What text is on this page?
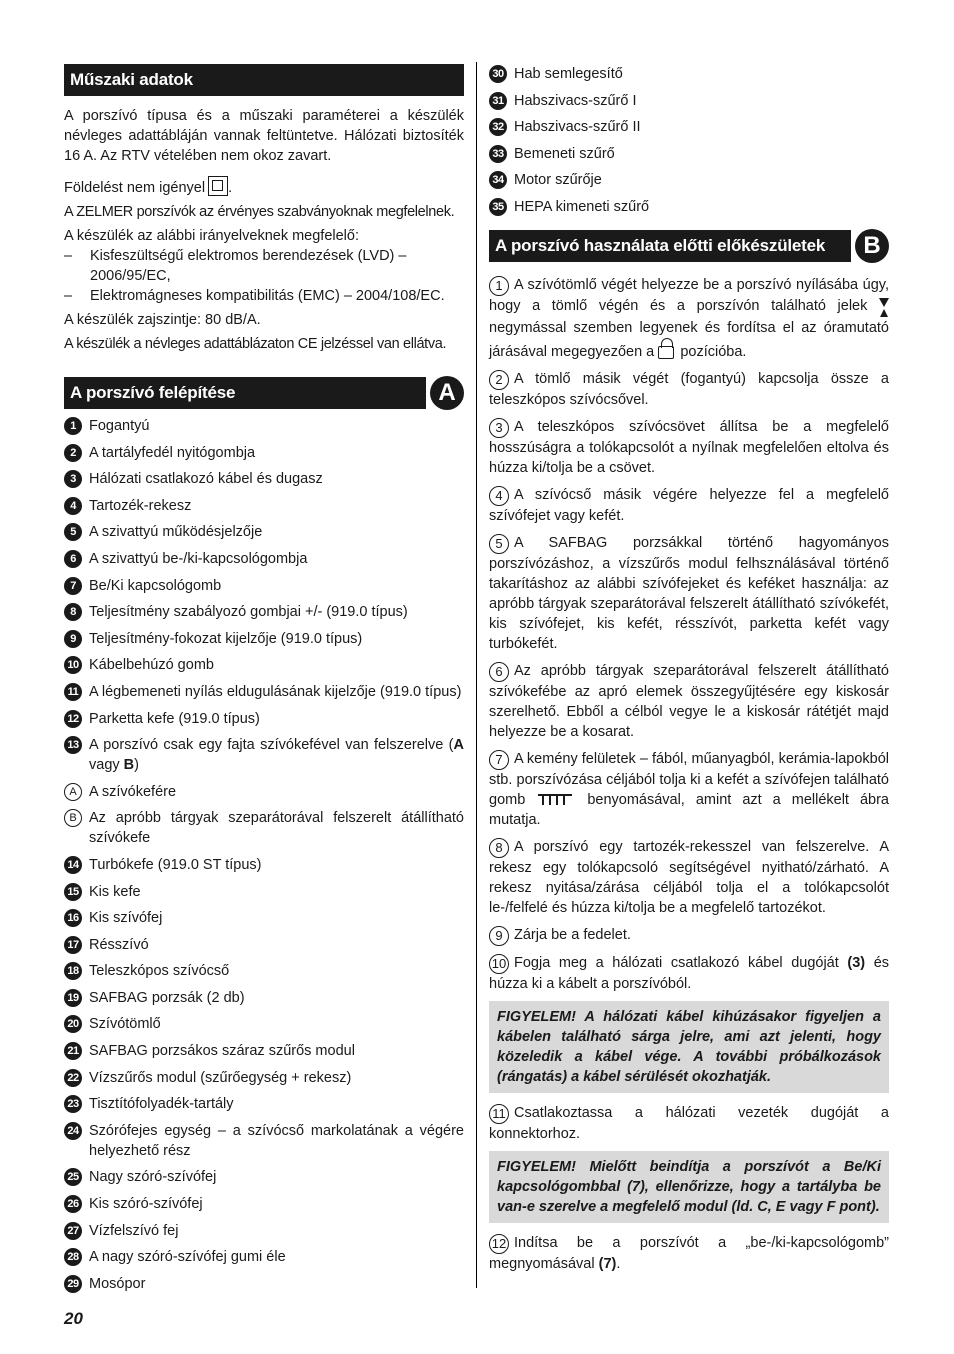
Műszaki adatok

A porszívó típusa és a műszaki paraméterei a készülék névleges adattábláján vannak feltüntetve. Hálózati biztosíték 16 A. Az RTV vételében nem okoz zavart.

Földelést nem igényel .

A ZELMER porszívók az érvényes szabványoknak megfelelnek.

A készülék az alábbi irányelveknek megfelelő:

–	Kisfeszültségű elektromos berendezések (LVD) – 2006/95/EC,
–	Elektromágneses kompatibilitás (EMC) – 2004/108/EC.

A készülék zajszintje: 80 dB/A.

A készülék a névleges adattáblázaton CE jelzéssel van ellátva.

A porszívó felépítése	A
1 Fogantyú
2 A tartályfedél nyitógombja
3 Hálózati csatlakozó kábel és dugasz
4 Tartozék-rekesz
5 A szivattyú működésjelzője
6 A szivattyú be-/ki-kapcsológombja
7 Be/Ki kapcsológomb
8 Teljesítmény szabályozó gombjai +/- (919.0 típus)
9 Teljesítmény-fokozat kijelzője (919.0 típus)
10 Kábelbehúzó gomb
11 A légbemeneti nyílás eldugulásának kijelzője (919.0 típus)
12 Parketta kefe (919.0 típus)
13 A porszívó csak egy fajta szívókefével van felszerelve (A vagy B)
A A szívókefére
B Az apróbb tárgyak szeparátorával felszerelt átállítható szívókefe
14 Turbókefe (919.0 ST típus)
15 Kis kefe
16 Kis szívófej
17 Résszívó
18 Teleszkópos szívócső
19 SAFBAG porzsák (2 db)
20 Szívótömlő
21 SAFBAG porzsákos száraz szűrős modul
22 Vízszűrős modul (szűrőegység + rekesz)
23 Tisztítófolyadék-tartály
24 Szórófejes egység – a szívócső markolatának a végére helyezhető rész
25 Nagy szóró-szívófej
26 Kis szóró-szívófej
27 Vízfelszívó fej
28 A nagy szóró-szívófej gumi éle
29 Mosópor
30 Hab semlegesítő
31 Habszivacs-szűrő I
32 Habszivacs-szűrő II
33 Bemeneti szűrő
34 Motor szűrője
35 HEPA kimeneti szűrő
A porszívó használata előtti előkészületek	B

1 A szívótömlő végét helyezze be a porszívó nyílásába úgy, hogy a tömlő végén és a porszívón található jelek  negymással szemben legyenek és fordítsa el az óramutató járásával megegyezően a pozícióba.

2 A tömlő másik végét (fogantyú) kapcsolja össze a teleszkópos szívócsővel.

3 A teleszkópos szívócsövet állítsa be a megfelelő hosszúságra a tolókapcsolót a nyílnak megfelelően eltolva és húzza ki/tolja be a csövet.

4 A szívócső másik végére helyezze fel a megfelelő szívófejet vagy kefét.

5 A SAFBAG porzsákkal történő hagyományos porszívózáshoz, a vízszűrős modul felhsználásával történő takarításhoz az alábbi szívófejeket és keféket használja: az apróbb tárgyak szeparátorával felszerelt átállítható szívókefét, kis szívófejet, kis kefét, résszívót, parketta kefét vagy turbókefét.

6 Az apróbb tárgyak szeparátorával felszerelt átállítható szívókefébe az apró elemek összegyűjtésére egy kiskosár szerelhető. Ebből a célból vegye le a kiskosár rátétjét majd helyezze be a kosarat.

7 A kemény felületek – fából, műanyagból, kerámia-lapokból stb. porszívózása céljából tolja ki a kefét a szívófejen található gomb	benyomásával, amint azt a mellékelt ábra mutatja.

8 A porszívó egy tartozék-rekesszel van felszerelve. A rekesz egy tolókapcsoló segítségével nyitható/zárható. A rekesz nyitása/zárása céljából tolja el a tolókapcsolót le-/felfelé és húzza ki/tolja be a megfelelő tartozékot.

9 Zárja be a fedelet.

10 Fogja meg a hálózati csatlakozó kábel dugóját (3) és húzza ki a kábelt a porszívóból.

FIGYELEM! A hálózati kábel kihúzásakor figyeljen a kábelen található sárga jelre, ami azt jelenti, hogy közeledik a kábel vége. A további próbálkozások (rángatás) a kábel sérülését okozhatják.

11 Csatlakoztassa a hálózati vezeték dugóját a konnektorhoz.

FIGYELEM! Mielőtt beindítja a porszívót a Be/Ki kapcsológombbal (7), ellenőrizze, hogy a tartályba be van-e szerelve a megfelelő modul (ld. C, E vagy F pont).

12 Indítsa be a porszívót a „be-/ki-kapcsológomb” megnyomásával (7).

20
